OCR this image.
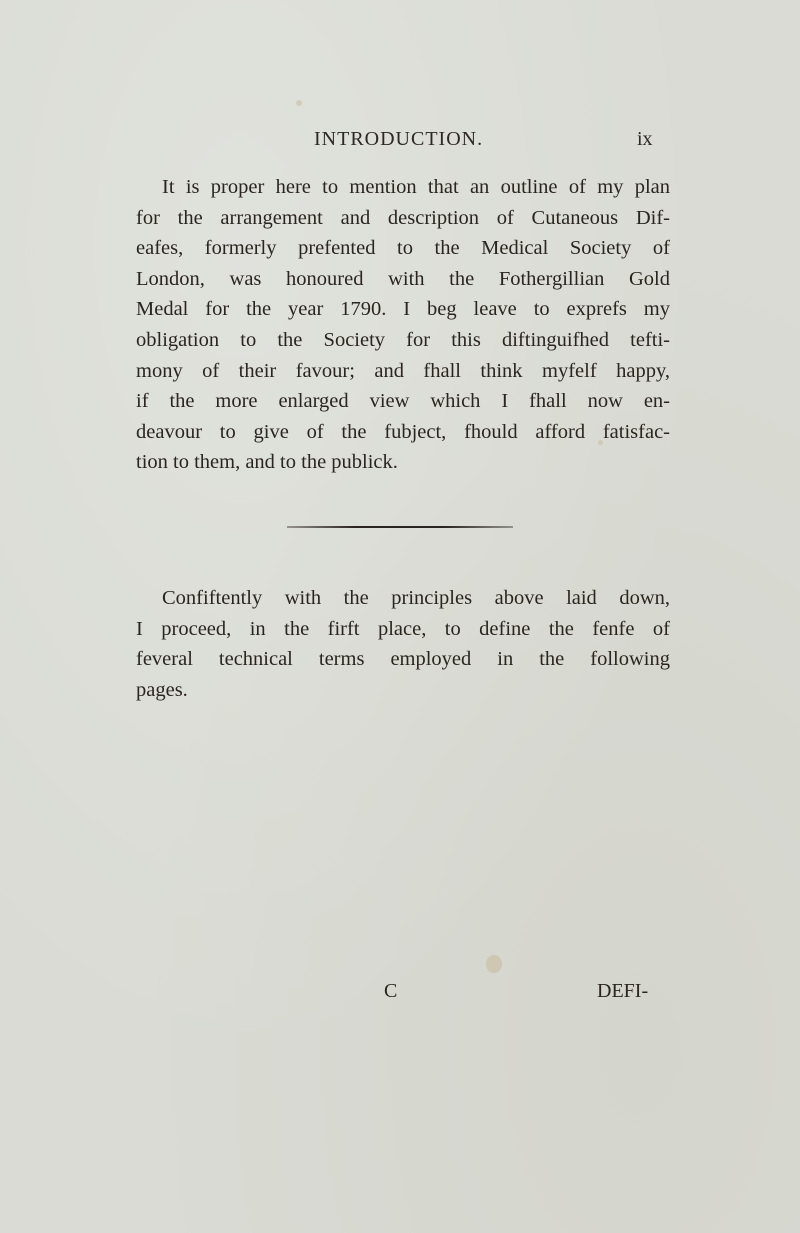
INTRODUCTION.	ix
It is proper here to mention that an outline of my plan
for the arrangement and description of Cutaneous Dif-
eafes, formerly prefented to the Medical Society of
London, was honoured with the Fothergillian Gold
Medal for the year 1790. I beg leave to exprefs my
obligation to the Society for this diftinguifhed tefti-
mony of their favour; and fhall think myfelf happy,
if the more enlarged view which I fhall now en-
deavour to give of the fubject, fhould afford fatisfac-
tion to them, and to the publick.
Confiftently with the principles above laid down,
I proceed, in the firft place, to define the fenfe of
feveral technical terms employed in the following
pages.
C	DEFI-
